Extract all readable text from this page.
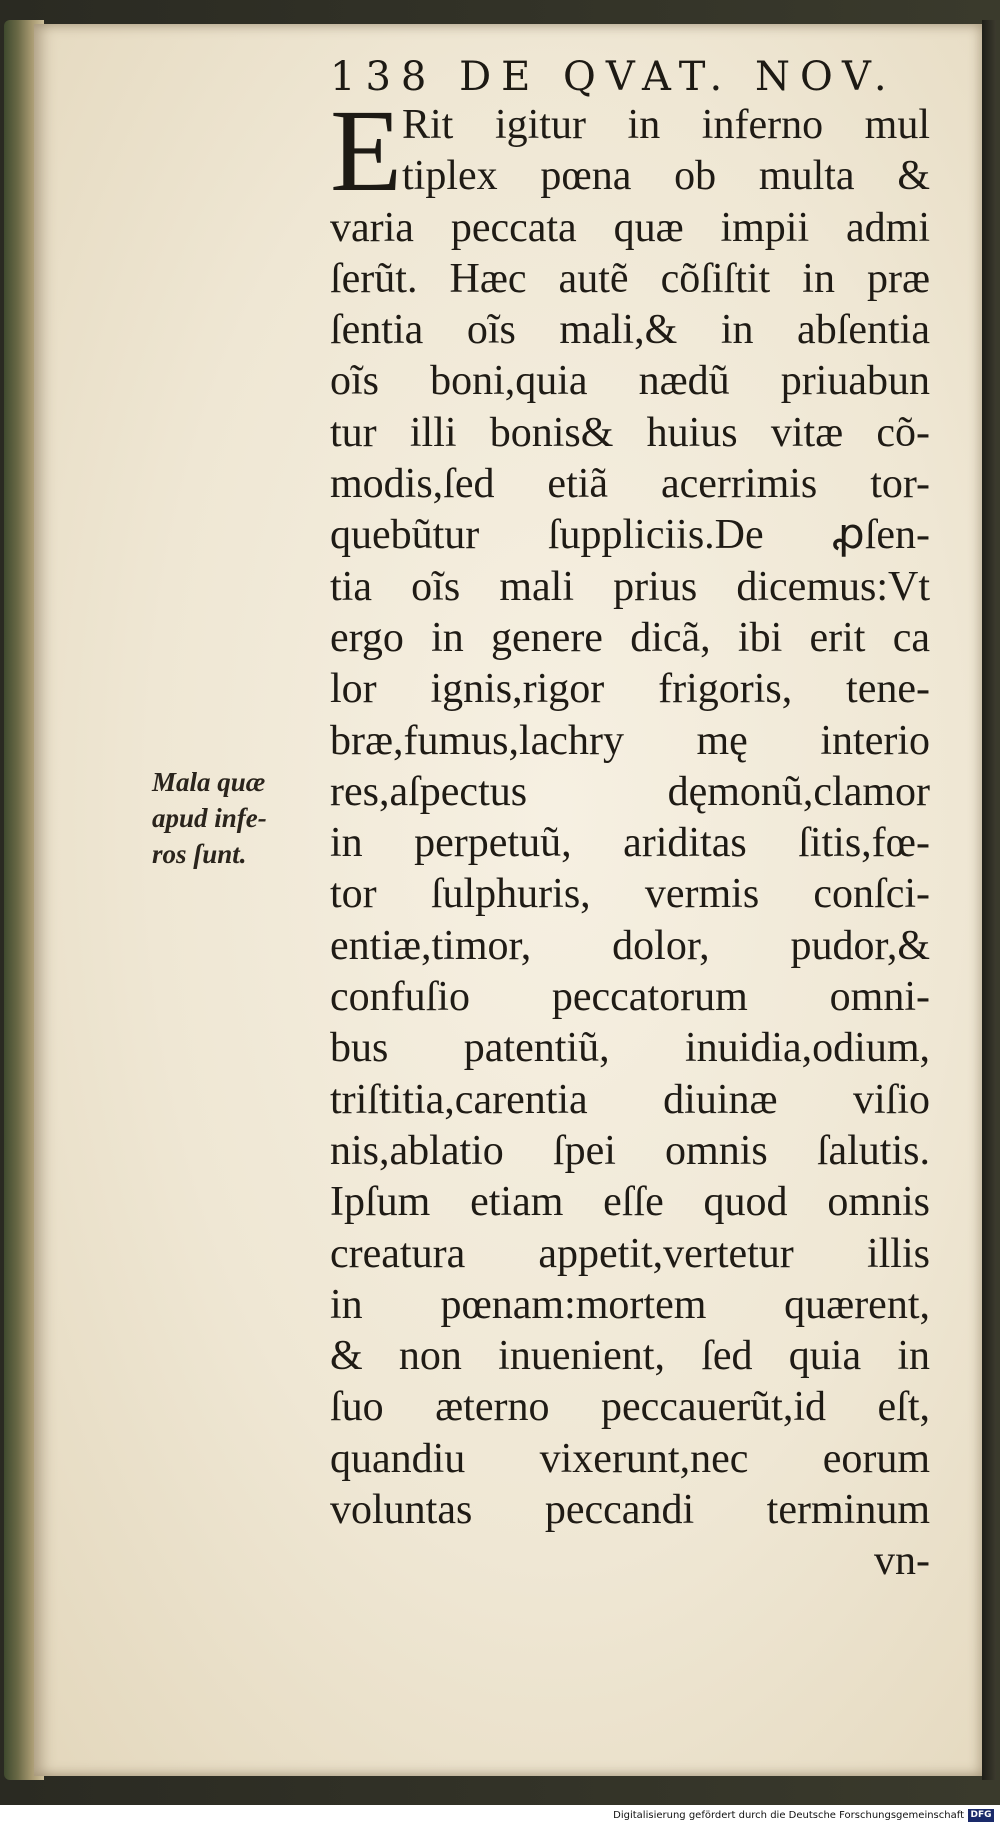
138 DE QVAT. NOV.
E Rit igitur in inferno mul
tiplex pœna ob multa &
varia peccata quæ impii admi
ſerũt. Hæc autẽ cõſiſtit in præ
ſentia oĩs mali,& in abſentia
oĩs boni,quia nædũ priuabun
tur illi bonis& huius vitæ cõ-
modis,ſed etiã acerrimis tor-
quebũtur ſuppliciis.De ꝓſen-
tia oĩs mali prius dicemus:Vt
ergo in genere dicã, ibi erit ca
lor ignis,rigor frigoris, tene-
bræ,fumus,lachry mę interio
res,aſpectus dęmonũ,clamor
in perpetuũ, ariditas ſitis,fœ-
tor ſulphuris, vermis conſci-
entiæ,timor, dolor, pudor,&
confuſio peccatorum omni-
bus patentiũ, inuidia,odium,
triſtitia,carentia diuinæ viſio
nis,ablatio ſpei omnis ſalutis.
Ipſum etiam eſſe quod omnis
creatura appetit,vertetur illis
in pœnam:mortem quærent,
& non inuenient, ſed quia in
ſuo æterno peccauerũt,id eſt,
quandiu vixerunt,nec eorum
voluntas peccandi terminum
vn-
Mala quæ
apud infe-
ros ſunt.
Digitalisierung gefördert durch die Deutsche Forschungsgemeinschaft DFG
